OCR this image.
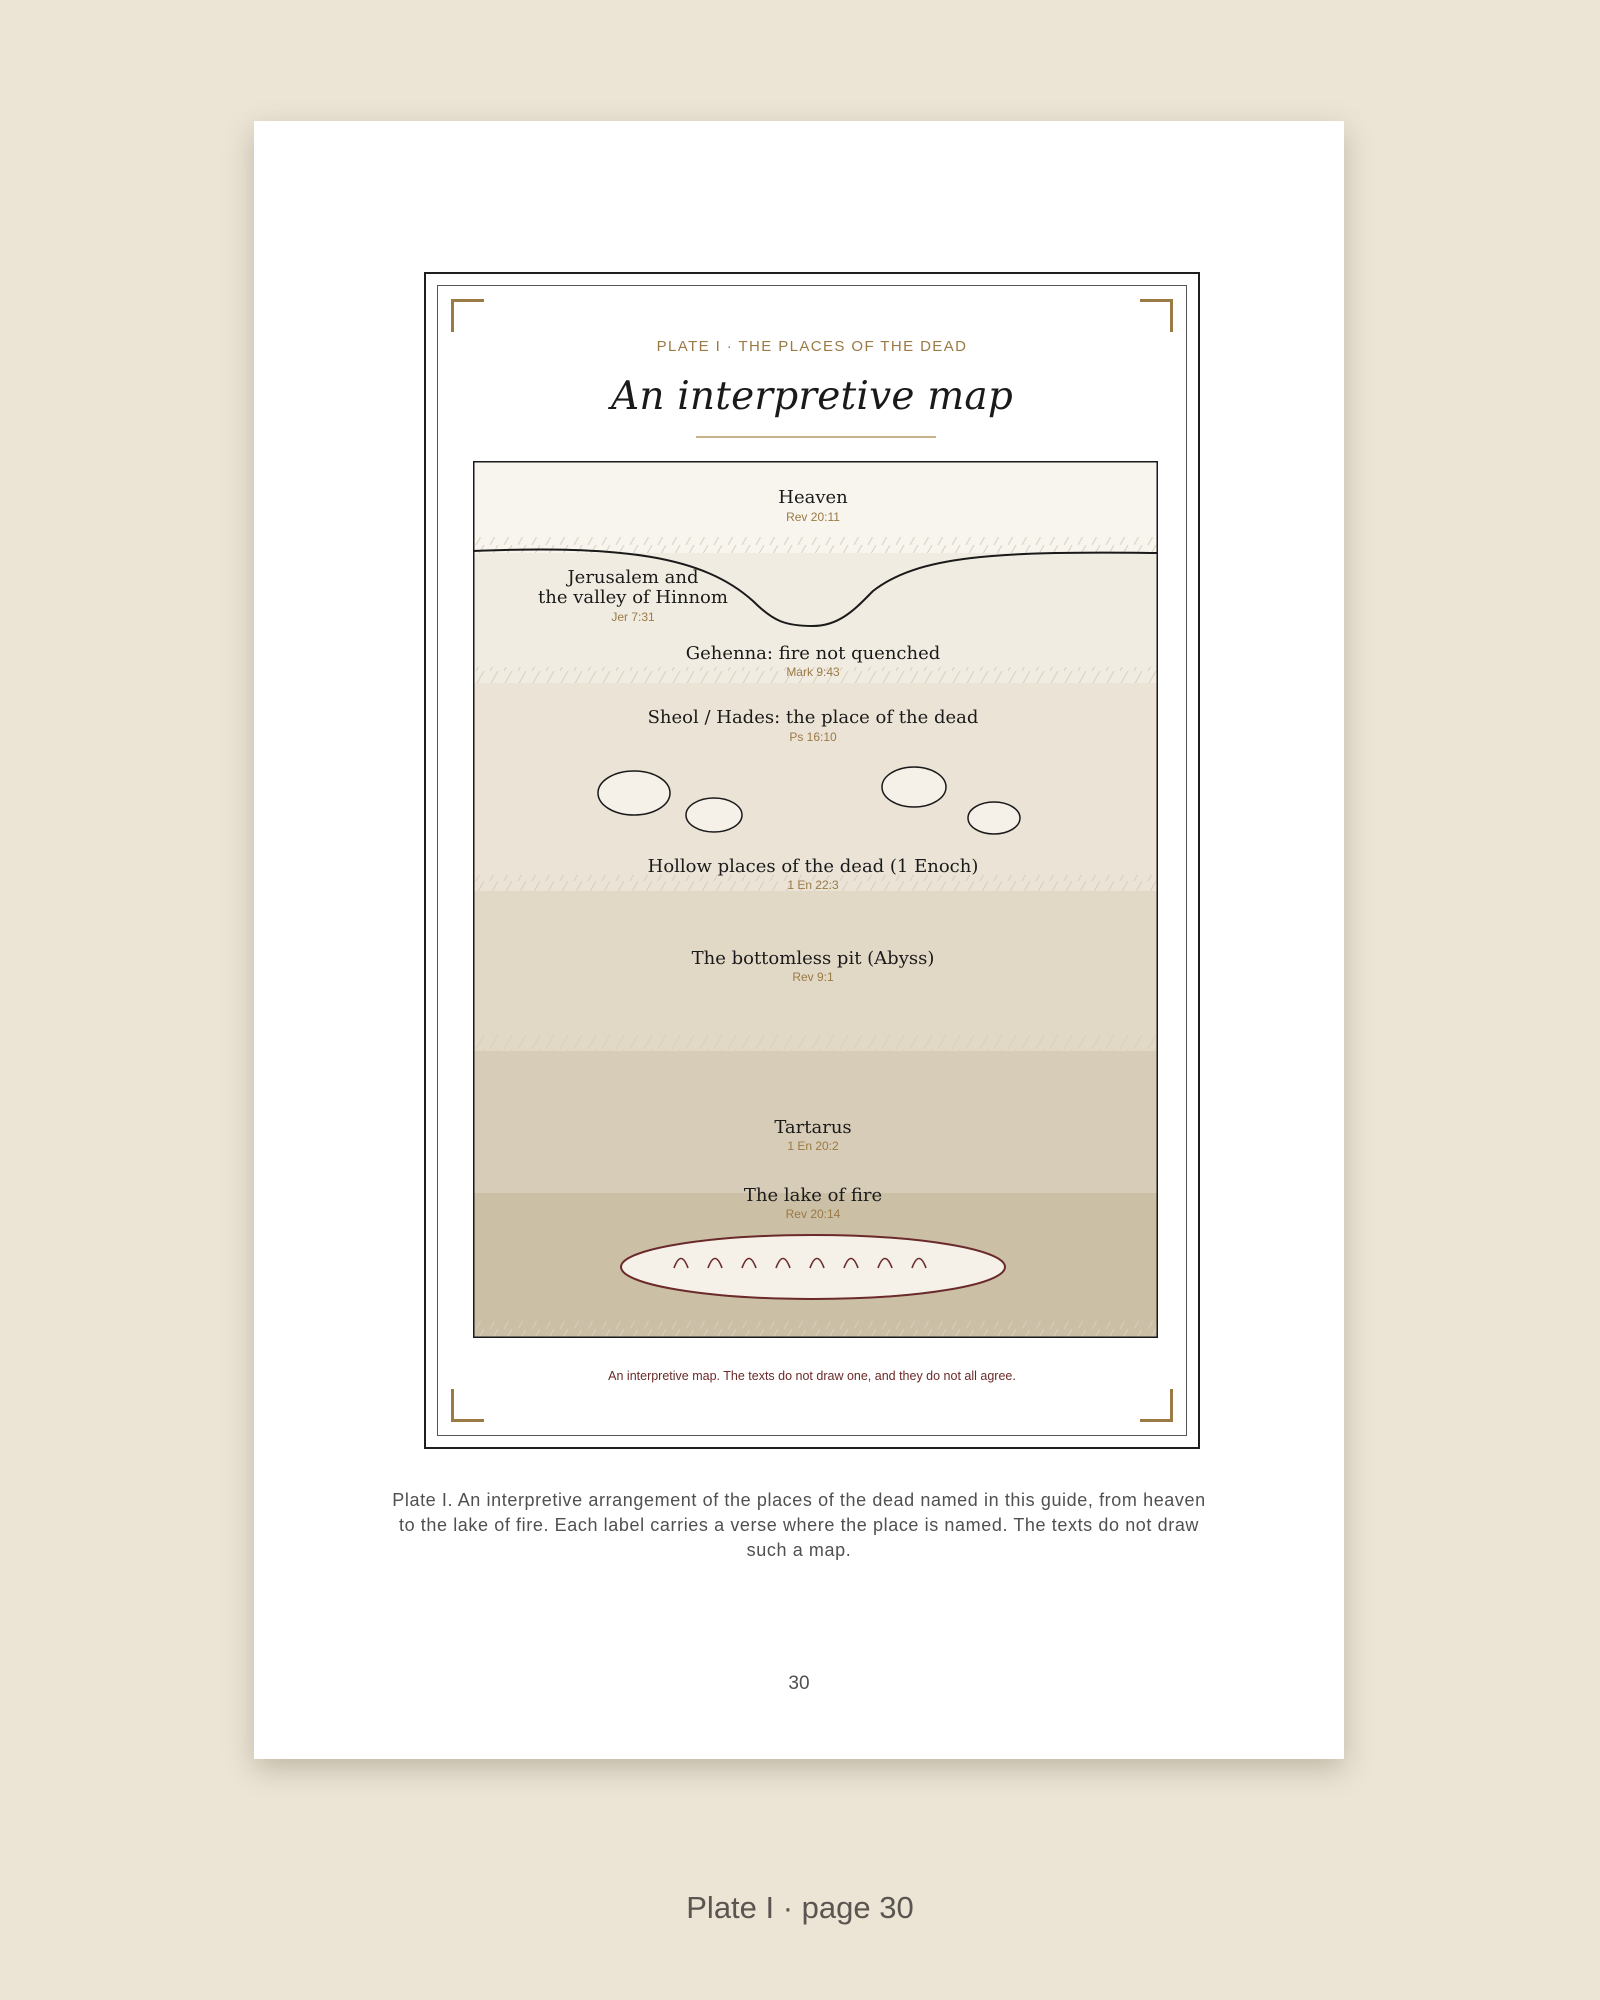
PLATE I · THE PLACES OF THE DEAD
An interpretive map
Heaven
Rev 20:11
Jerusalem and
the valley of Hinnom
Jer 7:31
Gehenna: fire not quenched
Mark 9:43
Sheol / Hades: the place of the dead
Ps 16:10
Hollow places of the dead (1 Enoch)
1 En 22:3
The bottomless pit (Abyss)
Rev 9:1
Tartarus
1 En 20:2
The lake of fire
Rev 20:14
An interpretive map. The texts do not draw one, and they do not all agree.
Plate I. An interpretive arrangement of the places of the dead named in this guide, from heaven to the lake of fire. Each label carries a verse where the place is named. The texts do not draw such a map.
30
Plate I · page 30
